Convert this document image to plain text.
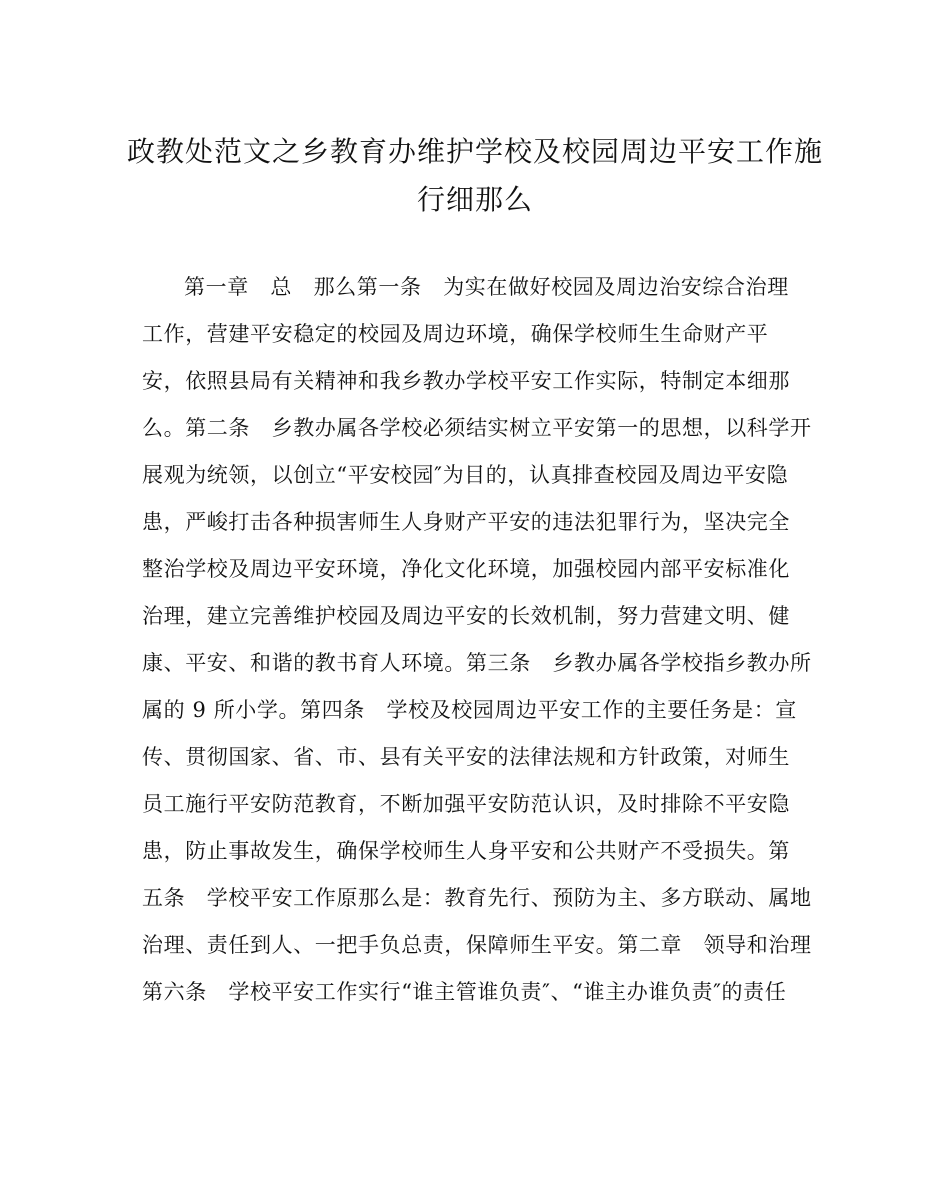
政教处范文之乡教育办维护学校及校园周边平安工作施
行细那么
第一章　总　那么第一条　为实在做好校园及周边治安综合治理
工作，营建平安稳定的校园及周边环境，确保学校师生生命财产平
安，依照县局有关精神和我乡教办学校平安工作实际，特制定本细那
么。第二条　乡教办属各学校必须结实树立平安第一的思想，以科学开
展观为统领，以创立“平安校园″为目的，认真排查校园及周边平安隐
患，严峻打击各种损害师生人身财产平安的违法犯罪行为，坚决完全
整治学校及周边平安环境，净化文化环境，加强校园内部平安标准化
治理，建立完善维护校园及周边平安的长效机制，努力营建文明、健
康、平安、和谐的教书育人环境。第三条　乡教办属各学校指乡教办所
属的 9 所小学。第四条　学校及校园周边平安工作的主要任务是：宣
传、贯彻国家、省、市、县有关平安的法律法规和方针政策，对师生
员工施行平安防范教育，不断加强平安防范认识，及时排除不平安隐
患，防止事故发生，确保学校师生人身平安和公共财产不受损失。第
五条　学校平安工作原那么是：教育先行、预防为主、多方联动、属地
治理、责任到人、一把手负总责，保障师生平安。第二章　领导和治理
第六条　学校平安工作实行“谁主管谁负责″、“谁主办谁负责″的责任
